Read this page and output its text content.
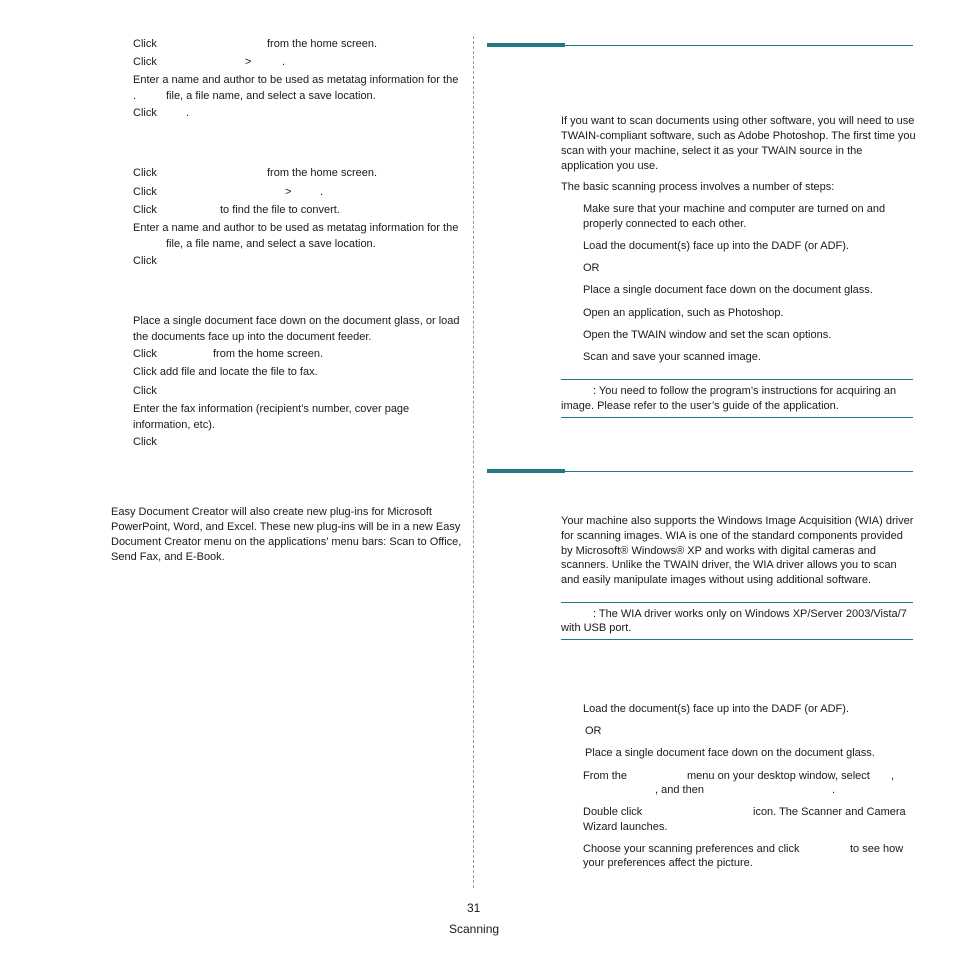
Click	from the home screen.
Click	>	.
Enter a name and author to be used as metatag information for the
.	file, a file name, and select a save location.
Click	.
Click	from the home screen.
Click	>	.
Click	to find the file to convert.
Enter a name and author to be used as metatag information for the
file, a file name, and select a save location.
Click
Place a single document face down on the document glass, or load
the documents face up into the document feeder.
Click	from the home screen.
Click add file and locate the file to fax.
Click
Enter the fax information (recipient’s number, cover page
information, etc).
Click
Easy Document Creator will also create new plug-ins for Microsoft PowerPoint, Word, and Excel. These new plug-ins will be in a new Easy Document Creator menu on the applications’ menu bars: Scan to Office, Send Fax, and E-Book.
If you want to scan documents using other software, you will need to use TWAIN-compliant software, such as Adobe Photoshop. The first time you scan with your machine, select it as your TWAIN source in the application you use.
The basic scanning process involves a number of steps:
Make sure that your machine and computer are turned on and
properly connected to each other.
Load the document(s) face up into the DADF (or ADF).
OR
Place a single document face down on the document glass.
Open an application, such as Photoshop.
Open the TWAIN window and set the scan options.
Scan and save your scanned image.
: You need to follow the program’s instructions for acquiring an
image. Please refer to the user’s guide of the application.
Your machine also supports the Windows Image Acquisition (WIA) driver
for scanning images. WIA is one of the standard components provided
by Microsoft® Windows® XP and works with digital cameras and
scanners. Unlike the TWAIN driver, the WIA driver allows you to scan
and easily manipulate images without using additional software.
: The WIA driver works only on Windows XP/Server 2003/Vista/7
with USB port.
Load the document(s) face up into the DADF (or ADF).
OR
Place a single document face down on the document glass.
From the	menu on your desktop window, select ,
, and then	.
Double click	icon. The Scanner and Camera
Wizard launches.
Choose your scanning preferences and click	to see how
your preferences affect the picture.
31
Scanning
